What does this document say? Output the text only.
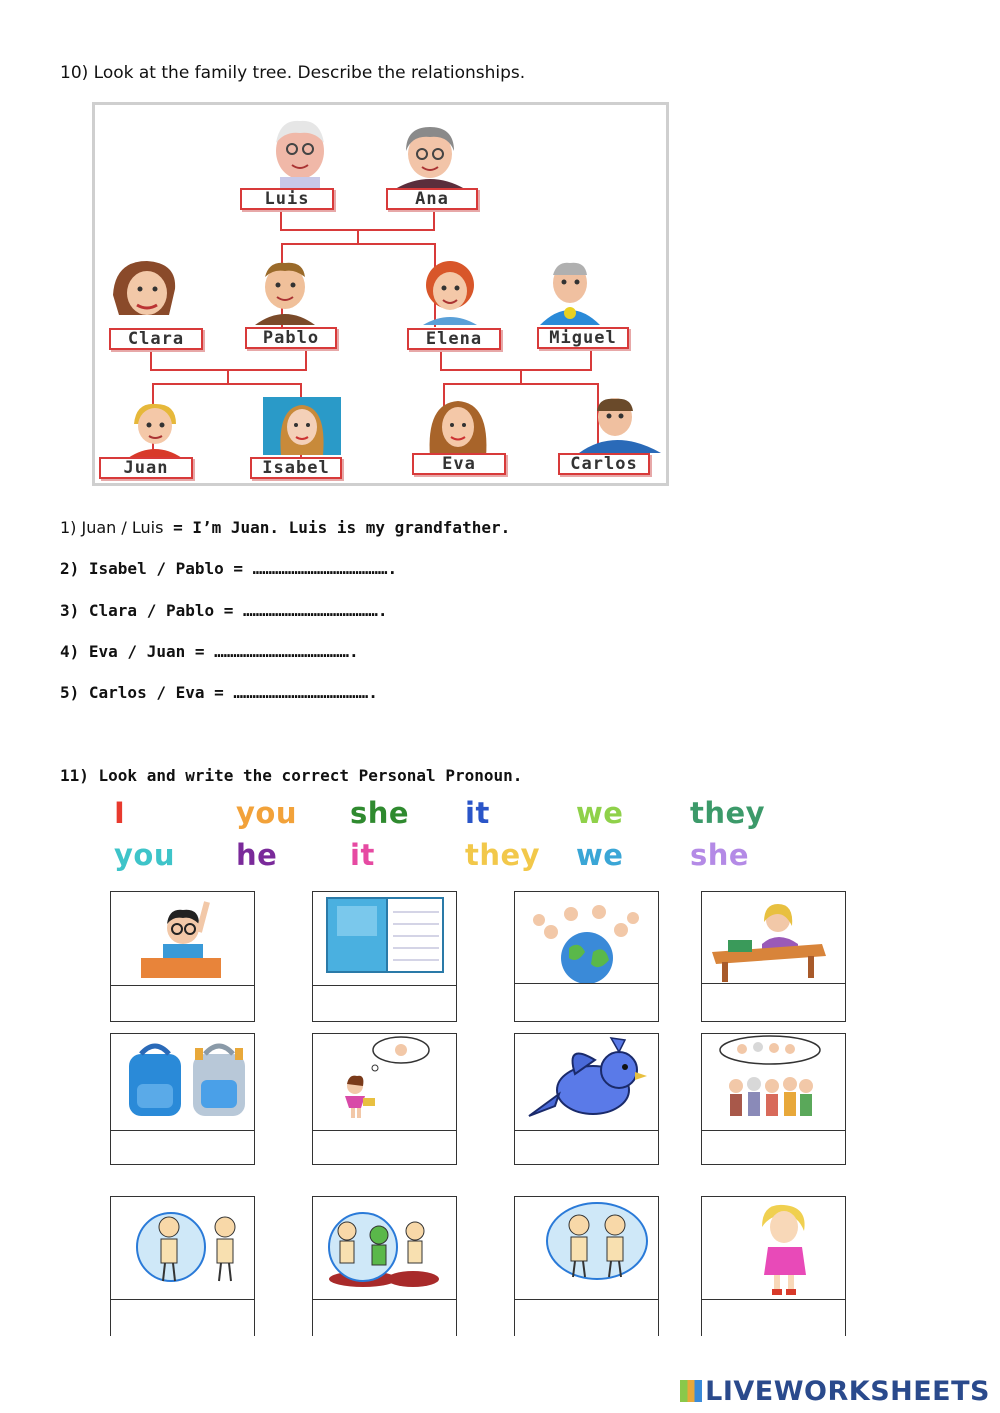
10) Look at the family tree. Describe the relationships.
Luis	Ana
Clara	Pablo	Elena	Miguel
Juan	Isabel	Eva	Carlos
1) Juan / Luis = I’m Juan. Luis is my grandfather.
2) Isabel / Pablo = …………………………………….
3) Clara / Pablo = …………………………………….
4) Eva / Juan = …………………………………….
5) Carlos / Eva = …………………………………….
11) Look and write the correct Personal Pronoun.
I	you she it	we they
you he	it	they we she
LIVEWORKSHEETS
